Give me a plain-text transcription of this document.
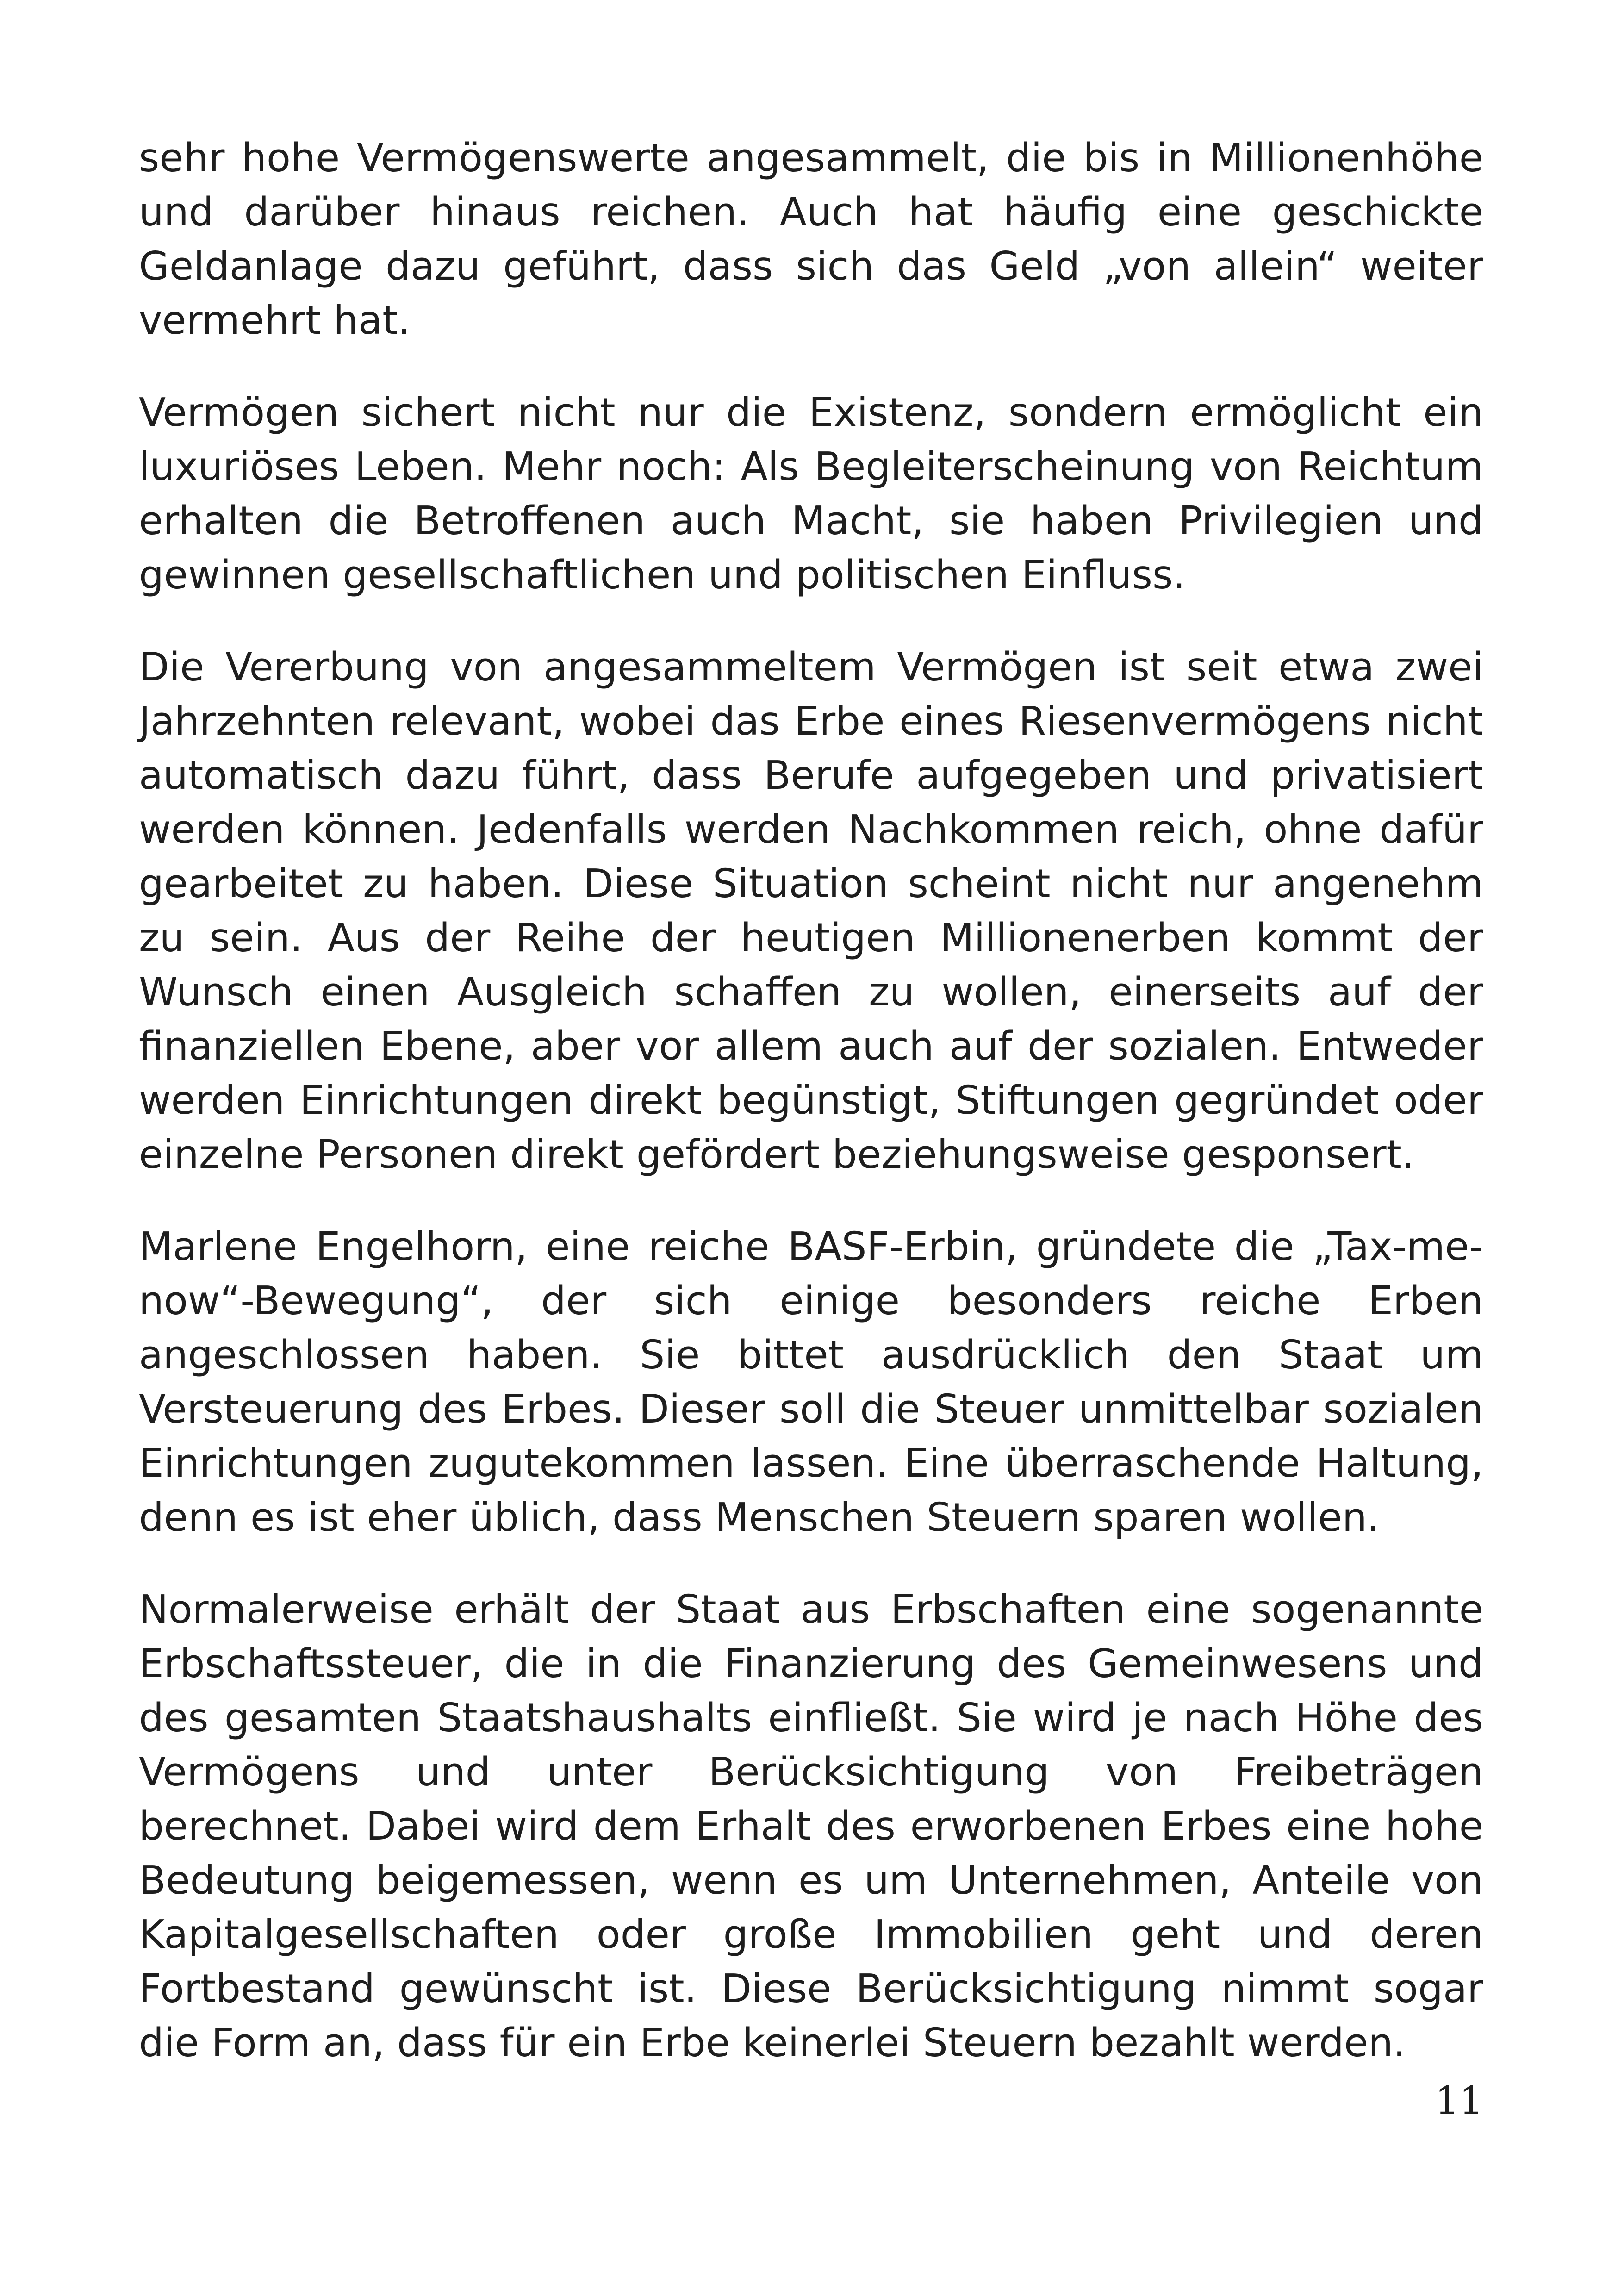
sehr hohe Vermögenswerte angesammelt, die bis in Millionenhöhe und darüber hinaus reichen. Auch hat häufig eine geschickte Geldanlage dazu geführt, dass sich das Geld „von allein“ weiter vermehrt hat.

Vermögen sichert nicht nur die Existenz, sondern ermöglicht ein luxuriöses Leben. Mehr noch: Als Begleiterscheinung von Reichtum erhalten die Betroffenen auch Macht, sie haben Privilegien und gewinnen gesellschaftlichen und politischen Einfluss.

Die Vererbung von angesammeltem Vermögen ist seit etwa zwei Jahrzehnten relevant, wobei das Erbe eines Riesenvermögens nicht automatisch dazu führt, dass Berufe aufgegeben und privatisiert werden können. Jedenfalls werden Nachkommen reich, ohne dafür gearbeitet zu haben. Diese Situation scheint nicht nur angenehm zu sein. Aus der Reihe der heutigen Millionenerben kommt der Wunsch einen Ausgleich schaffen zu wollen, einerseits auf der finanziellen Ebene, aber vor allem auch auf der sozialen. Entweder werden Einrichtungen direkt begünstigt, Stiftungen gegründet oder einzelne Personen direkt gefördert beziehungsweise gesponsert.

Marlene Engelhorn, eine reiche BASF-Erbin, gründete die „Tax-me-now“-Bewegung“, der sich einige besonders reiche Erben angeschlossen haben. Sie bittet ausdrücklich den Staat um Versteuerung des Erbes. Dieser soll die Steuer unmittelbar sozialen Einrichtungen zugutekommen lassen. Eine überraschende Haltung, denn es ist eher üblich, dass Menschen Steuern sparen wollen.

Normalerweise erhält der Staat aus Erbschaften eine sogenannte Erbschaftssteuer, die in die Finanzierung des Gemeinwesens und des gesamten Staatshaushalts einfließt. Sie wird je nach Höhe des Vermögens und unter Berücksichtigung von Freibeträgen berechnet. Dabei wird dem Erhalt des erworbenen Erbes eine hohe Bedeutung beigemessen, wenn es um Unternehmen, Anteile von Kapitalgesellschaften oder große Immobilien geht und deren Fortbestand gewünscht ist. Diese Berücksichtigung nimmt sogar die Form an, dass für ein Erbe keinerlei Steuern bezahlt werden.

11
